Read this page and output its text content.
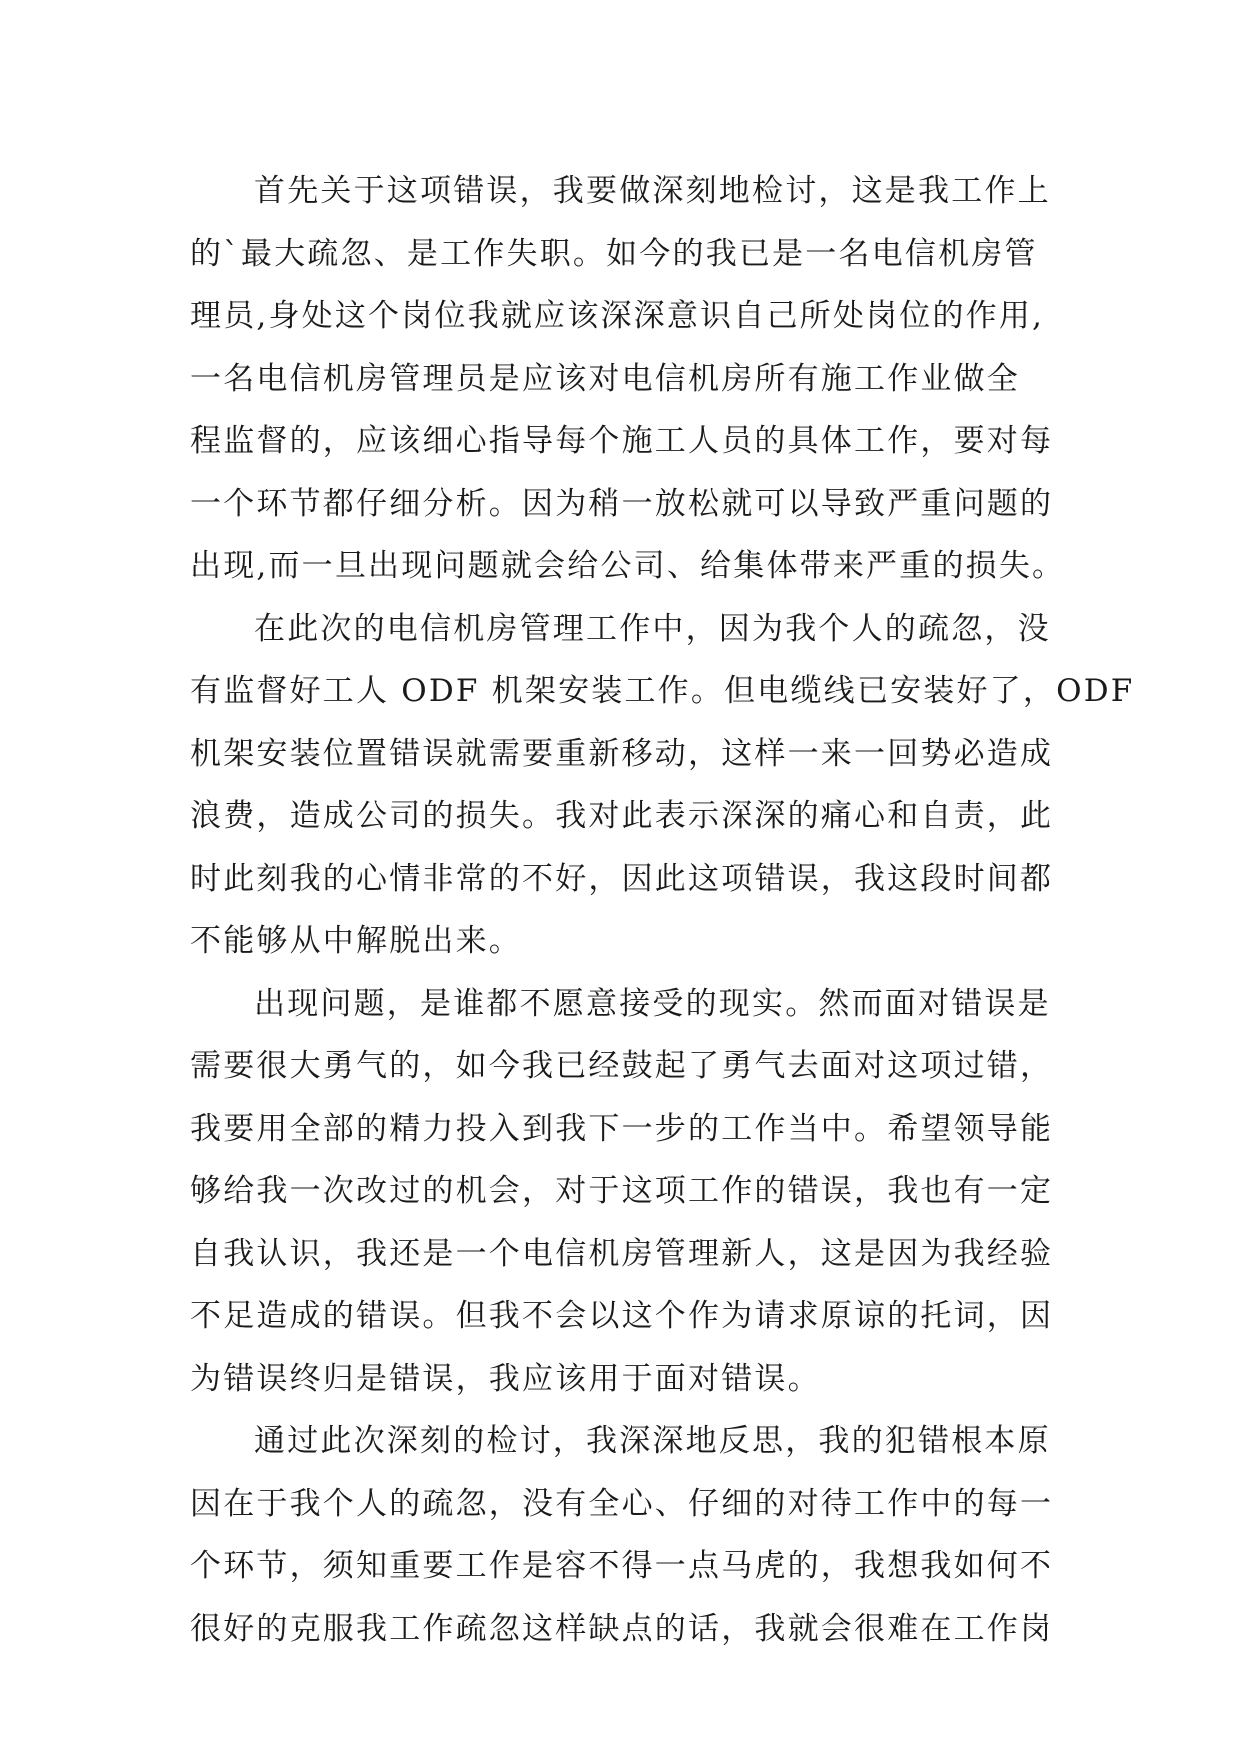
首先关于这项错误，我要做深刻地检讨，这是我工作上
的`最大疏忽、是工作失职。如今的我已是一名电信机房管
理员,身处这个岗位我就应该深深意识自己所处岗位的作用,
一名电信机房管理员是应该对电信机房所有施工作业做全
程监督的，应该细心指导每个施工人员的具体工作，要对每
一个环节都仔细分析。因为稍一放松就可以导致严重问题的
出现,而一旦出现问题就会给公司、给集体带来严重的损失。
在此次的电信机房管理工作中，因为我个人的疏忽，没
有监督好工人 ODF 机架安装工作。但电缆线已安装好了，ODF
机架安装位置错误就需要重新移动，这样一来一回势必造成
浪费，造成公司的损失。我对此表示深深的痛心和自责，此
时此刻我的心情非常的不好，因此这项错误，我这段时间都
不能够从中解脱出来。
出现问题，是谁都不愿意接受的现实。然而面对错误是
需要很大勇气的，如今我已经鼓起了勇气去面对这项过错，
我要用全部的精力投入到我下一步的工作当中。希望领导能
够给我一次改过的机会，对于这项工作的错误，我也有一定
自我认识，我还是一个电信机房管理新人，这是因为我经验
不足造成的错误。但我不会以这个作为请求原谅的托词，因
为错误终归是错误，我应该用于面对错误。
通过此次深刻的检讨，我深深地反思，我的犯错根本原
因在于我个人的疏忽，没有全心、仔细的对待工作中的每一
个环节，须知重要工作是容不得一点马虎的，我想我如何不
很好的克服我工作疏忽这样缺点的话，我就会很难在工作岗
